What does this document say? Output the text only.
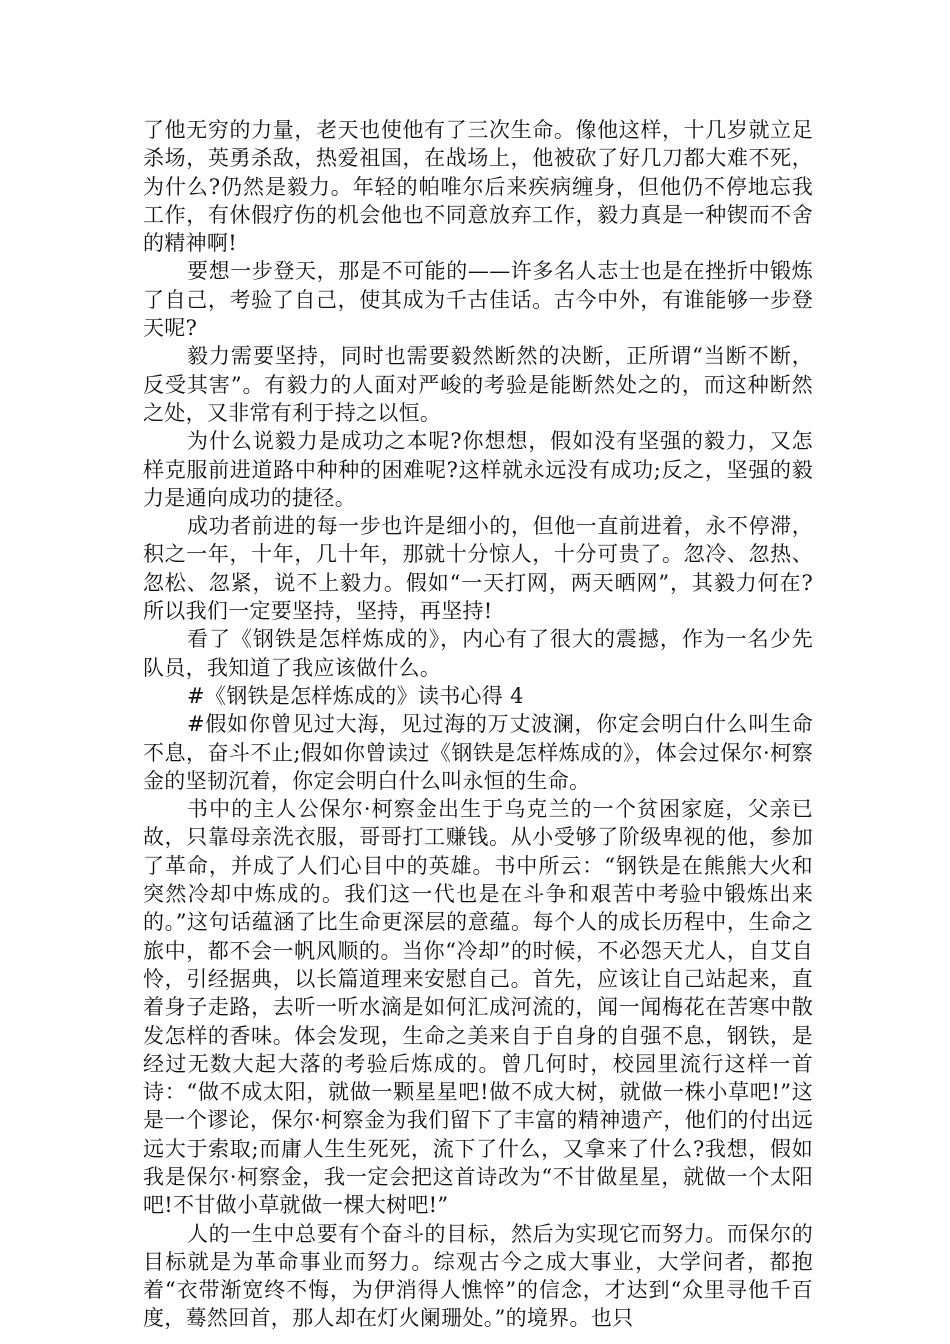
了他无穷的力量，老天也使他有了三次生命。像他这样，十几岁就立足杀场，英勇杀敌，热爱祖国，在战场上，他被砍了好几刀都大难不死，为什么?仍然是毅力。年轻的帕唯尔后来疾病缠身，但他仍不停地忘我工作，有休假疗伤的机会他也不同意放弃工作，毅力真是一种锲而不舍的精神啊!

要想一步登天，那是不可能的——许多名人志士也是在挫折中锻炼了自己，考验了自己，使其成为千古佳话。古今中外，有谁能够一步登天呢?

毅力需要坚持，同时也需要毅然断然的决断，正所谓“当断不断，反受其害”。有毅力的人面对严峻的考验是能断然处之的，而这种断然之处，又非常有利于持之以恒。

为什么说毅力是成功之本呢?你想想，假如没有坚强的毅力，又怎样克服前进道路中种种的困难呢?这样就永远没有成功;反之，坚强的毅力是通向成功的捷径。

成功者前进的每一步也许是细小的，但他一直前进着，永不停滞，积之一年，十年，几十年，那就十分惊人，十分可贵了。忽冷、忽热、忽松、忽紧，说不上毅力。假如“一天打网，两天晒网”，其毅力何在?所以我们一定要坚持，坚持，再坚持!

看了《钢铁是怎样炼成的》，内心有了很大的震撼，作为一名少先队员，我知道了我应该做什么。

#《钢铁是怎样炼成的》读书心得 4

#假如你曾见过大海，见过海的万丈波澜，你定会明白什么叫生命不息，奋斗不止;假如你曾读过《钢铁是怎样炼成的》，体会过保尔·柯察金的坚韧沉着，你定会明白什么叫永恒的生命。

书中的主人公保尔·柯察金出生于乌克兰的一个贫困家庭，父亲已故，只靠母亲洗衣服，哥哥打工赚钱。从小受够了阶级卑视的他，参加了革命，并成了人们心目中的英雄。书中所云：“钢铁是在熊熊大火和突然冷却中炼成的。我们这一代也是在斗争和艰苦中考验中锻炼出来的。”这句话蕴涵了比生命更深层的意蕴。每个人的成长历程中，生命之旅中，都不会一帆风顺的。当你“冷却”的时候，不必怨天尤人，自艾自怜，引经据典，以长篇道理来安慰自己。首先，应该让自己站起来，直着身子走路，去听一听水滴是如何汇成河流的，闻一闻梅花在苦寒中散发怎样的香味。体会发现，生命之美来自于自身的自强不息，钢铁，是经过无数大起大落的考验后炼成的。曾几何时，校园里流行这样一首诗：“做不成太阳，就做一颗星星吧!做不成大树，就做一株小草吧!”这是一个谬论，保尔·柯察金为我们留下了丰富的精神遗产，他们的付出远远大于索取;而庸人生生死死，流下了什么，又拿来了什么?我想，假如我是保尔·柯察金，我一定会把这首诗改为“不甘做星星，就做一个太阳吧!不甘做小草就做一棵大树吧!”

人的一生中总要有个奋斗的目标，然后为实现它而努力。而保尔的目标就是为革命事业而努力。综观古今之成大事业，大学问者，都抱着“衣带渐宽终不悔，为伊消得人憔悴”的信念，才达到“众里寻他千百度，蓦然回首，那人却在灯火阑珊处。”的境界。也只
